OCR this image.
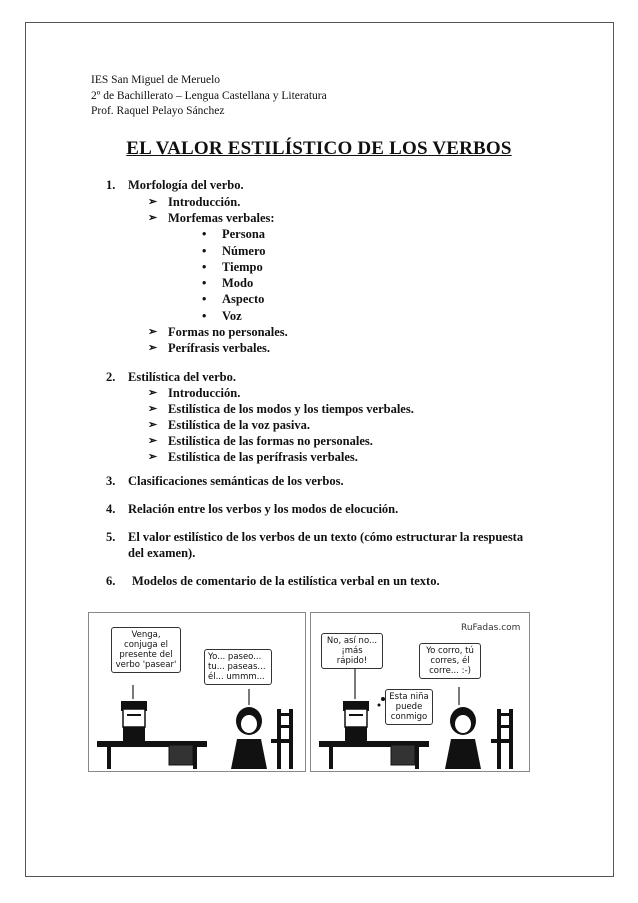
IES San Miguel de Meruelo
2º de Bachillerato – Lengua Castellana y Literatura
Prof. Raquel Pelayo Sánchez
EL VALOR ESTILÍSTICO DE LOS VERBOS
1. Morfología del verbo.
➢ Introducción.
➢ Morfemas verbales:
• Persona
• Número
• Tiempo
• Modo
• Aspecto
• Voz
➢ Formas no personales.
➢ Perífrasis verbales.
2. Estilística del verbo.
➢ Introducción.
➢ Estilística de los modos y los tiempos verbales.
➢ Estilística de la voz pasiva.
➢ Estilística de las formas no personales.
➢ Estilística de las perífrasis verbales.
3. Clasificaciones semánticas de los verbos.
4. Relación entre los verbos y los modos de elocución.
5. El valor estilístico de los verbos de un texto (cómo estructurar la respuesta
del examen).
6. Modelos de comentario de la estilística verbal en un texto.
Venga,
conjuga el
presente del
verbo 'pasear'
Yo... paseo...
tu... paseas...
él... ummm...
RuFadas.com
No, así no...
¡más rápido!
Yo corro, tú
corres, él
corre... :-)
Esta niña
puede
conmigo
